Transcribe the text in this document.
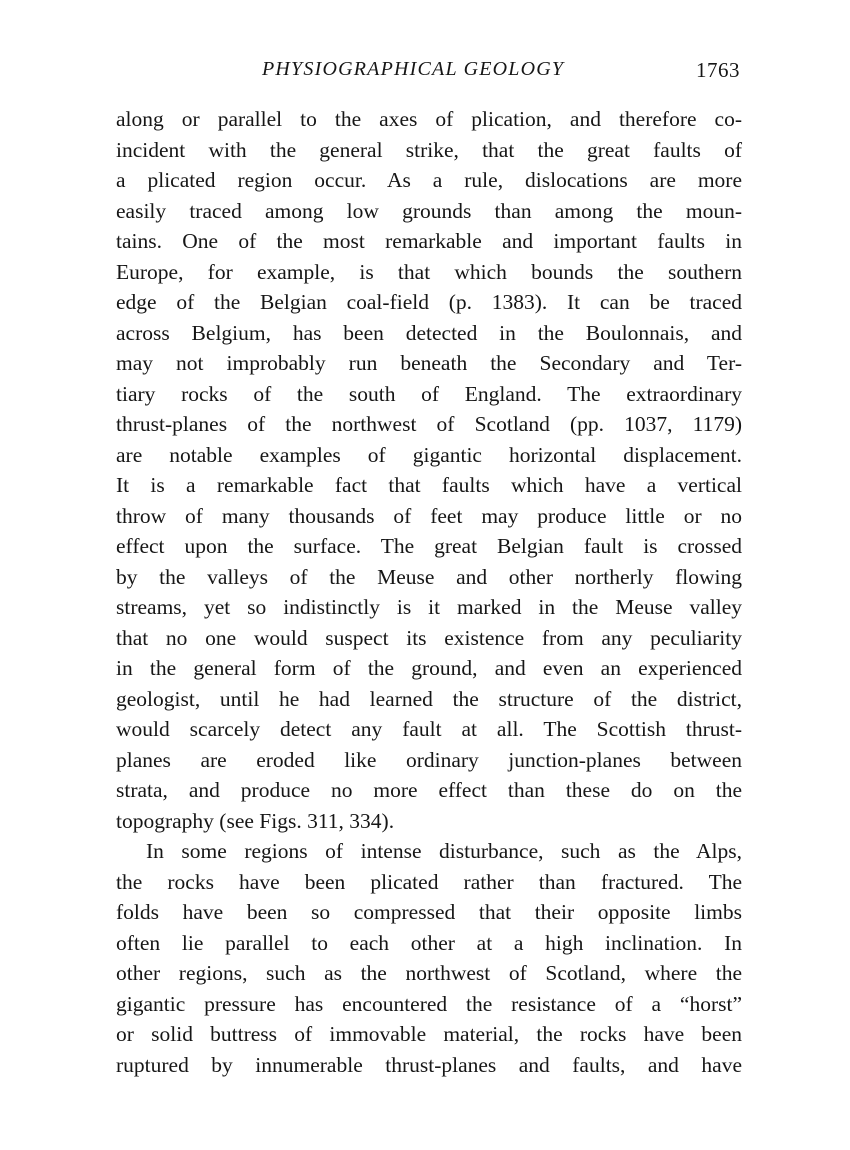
PHYSIOGRAPHICAL GEOLOGY	1763
along or parallel to the axes of plication, and therefore co-
incident with the general strike, that the great faults of
a plicated region occur. As a rule, dislocations are more
easily traced among low grounds than among the moun-
tains. One of the most remarkable and important faults in
Europe, for example, is that which bounds the southern
edge of the Belgian coal-field (p. 1383). It can be traced
across Belgium, has been detected in the Boulonnais, and
may not improbably run beneath the Secondary and Ter-
tiary rocks of the south of England. The extraordinary
thrust-planes of the northwest of Scotland (pp. 1037, 1179)
are notable examples of gigantic horizontal displacement.
It is a remarkable fact that faults which have a vertical
throw of many thousands of feet may produce little or no
effect upon the surface. The great Belgian fault is crossed
by the valleys of the Meuse and other northerly flowing
streams, yet so indistinctly is it marked in the Meuse valley
that no one would suspect its existence from any peculiarity
in the general form of the ground, and even an experienced
geologist, until he had learned the structure of the district,
would scarcely detect any fault at all. The Scottish thrust-
planes are eroded like ordinary junction-planes between
strata, and produce no more effect than these do on the
topography (see Figs. 311, 334).
In some regions of intense disturbance, such as the Alps,
the rocks have been plicated rather than fractured. The
folds have been so compressed that their opposite limbs
often lie parallel to each other at a high inclination. In
other regions, such as the northwest of Scotland, where the
gigantic pressure has encountered the resistance of a “horst”
or solid buttress of immovable material, the rocks have been
ruptured by innumerable thrust-planes and faults, and have
